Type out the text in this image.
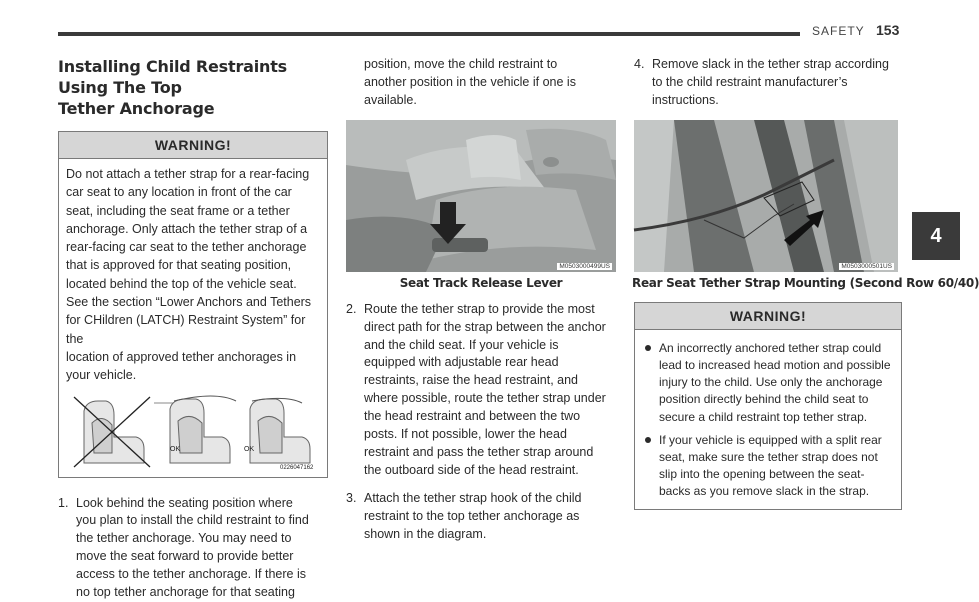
SAFETY 153
4
Installing Child Restraints Using The Top
Tether Anchorage
WARNING!
Do not attach a tether strap for a rear-facing
car seat to any location in front of the car
seat, including the seat frame or a tether
anchorage. Only attach the tether strap of a
rear-facing car seat to the tether anchorage
that is approved for that seating position,
located behind the top of the vehicle seat.
See the section “Lower Anchors and Tethers
for CHildren (LATCH) Restraint System” for the
location of approved tether anchorages in
your vehicle.
OK	OK
0226047162
1. Look behind the seating position where
you plan to install the child restraint to find
the tether anchorage. You may need to
move the seat forward to provide better
access to the tether anchorage. If there is
no top tether anchorage for that seating
position, move the child restraint to
another position in the vehicle if one is
available.
M0503000499US
Seat Track Release Lever
2. Route the tether strap to provide the most
direct path for the strap between the anchor
and the child seat. If your vehicle is
equipped with adjustable rear head
restraints, raise the head restraint, and
where possible, route the tether strap under
the head restraint and between the two
posts. If not possible, lower the head
restraint and pass the tether strap around
the outboard side of the head restraint.
3. Attach the tether strap hook of the child
restraint to the top tether anchorage as
shown in the diagram.
4. Remove slack in the tether strap according
to the child restraint manufacturer’s
instructions.
M0503000501US
Rear Seat Tether Strap Mounting (Second Row 60/40)
WARNING!
An incorrectly anchored tether strap could
lead to increased head motion and possible
injury to the child. Use only the anchorage
position directly behind the child seat to
secure a child restraint top tether strap.
If your vehicle is equipped with a split rear
seat, make sure the tether strap does not
slip into the opening between the seat-
backs as you remove slack in the strap.
